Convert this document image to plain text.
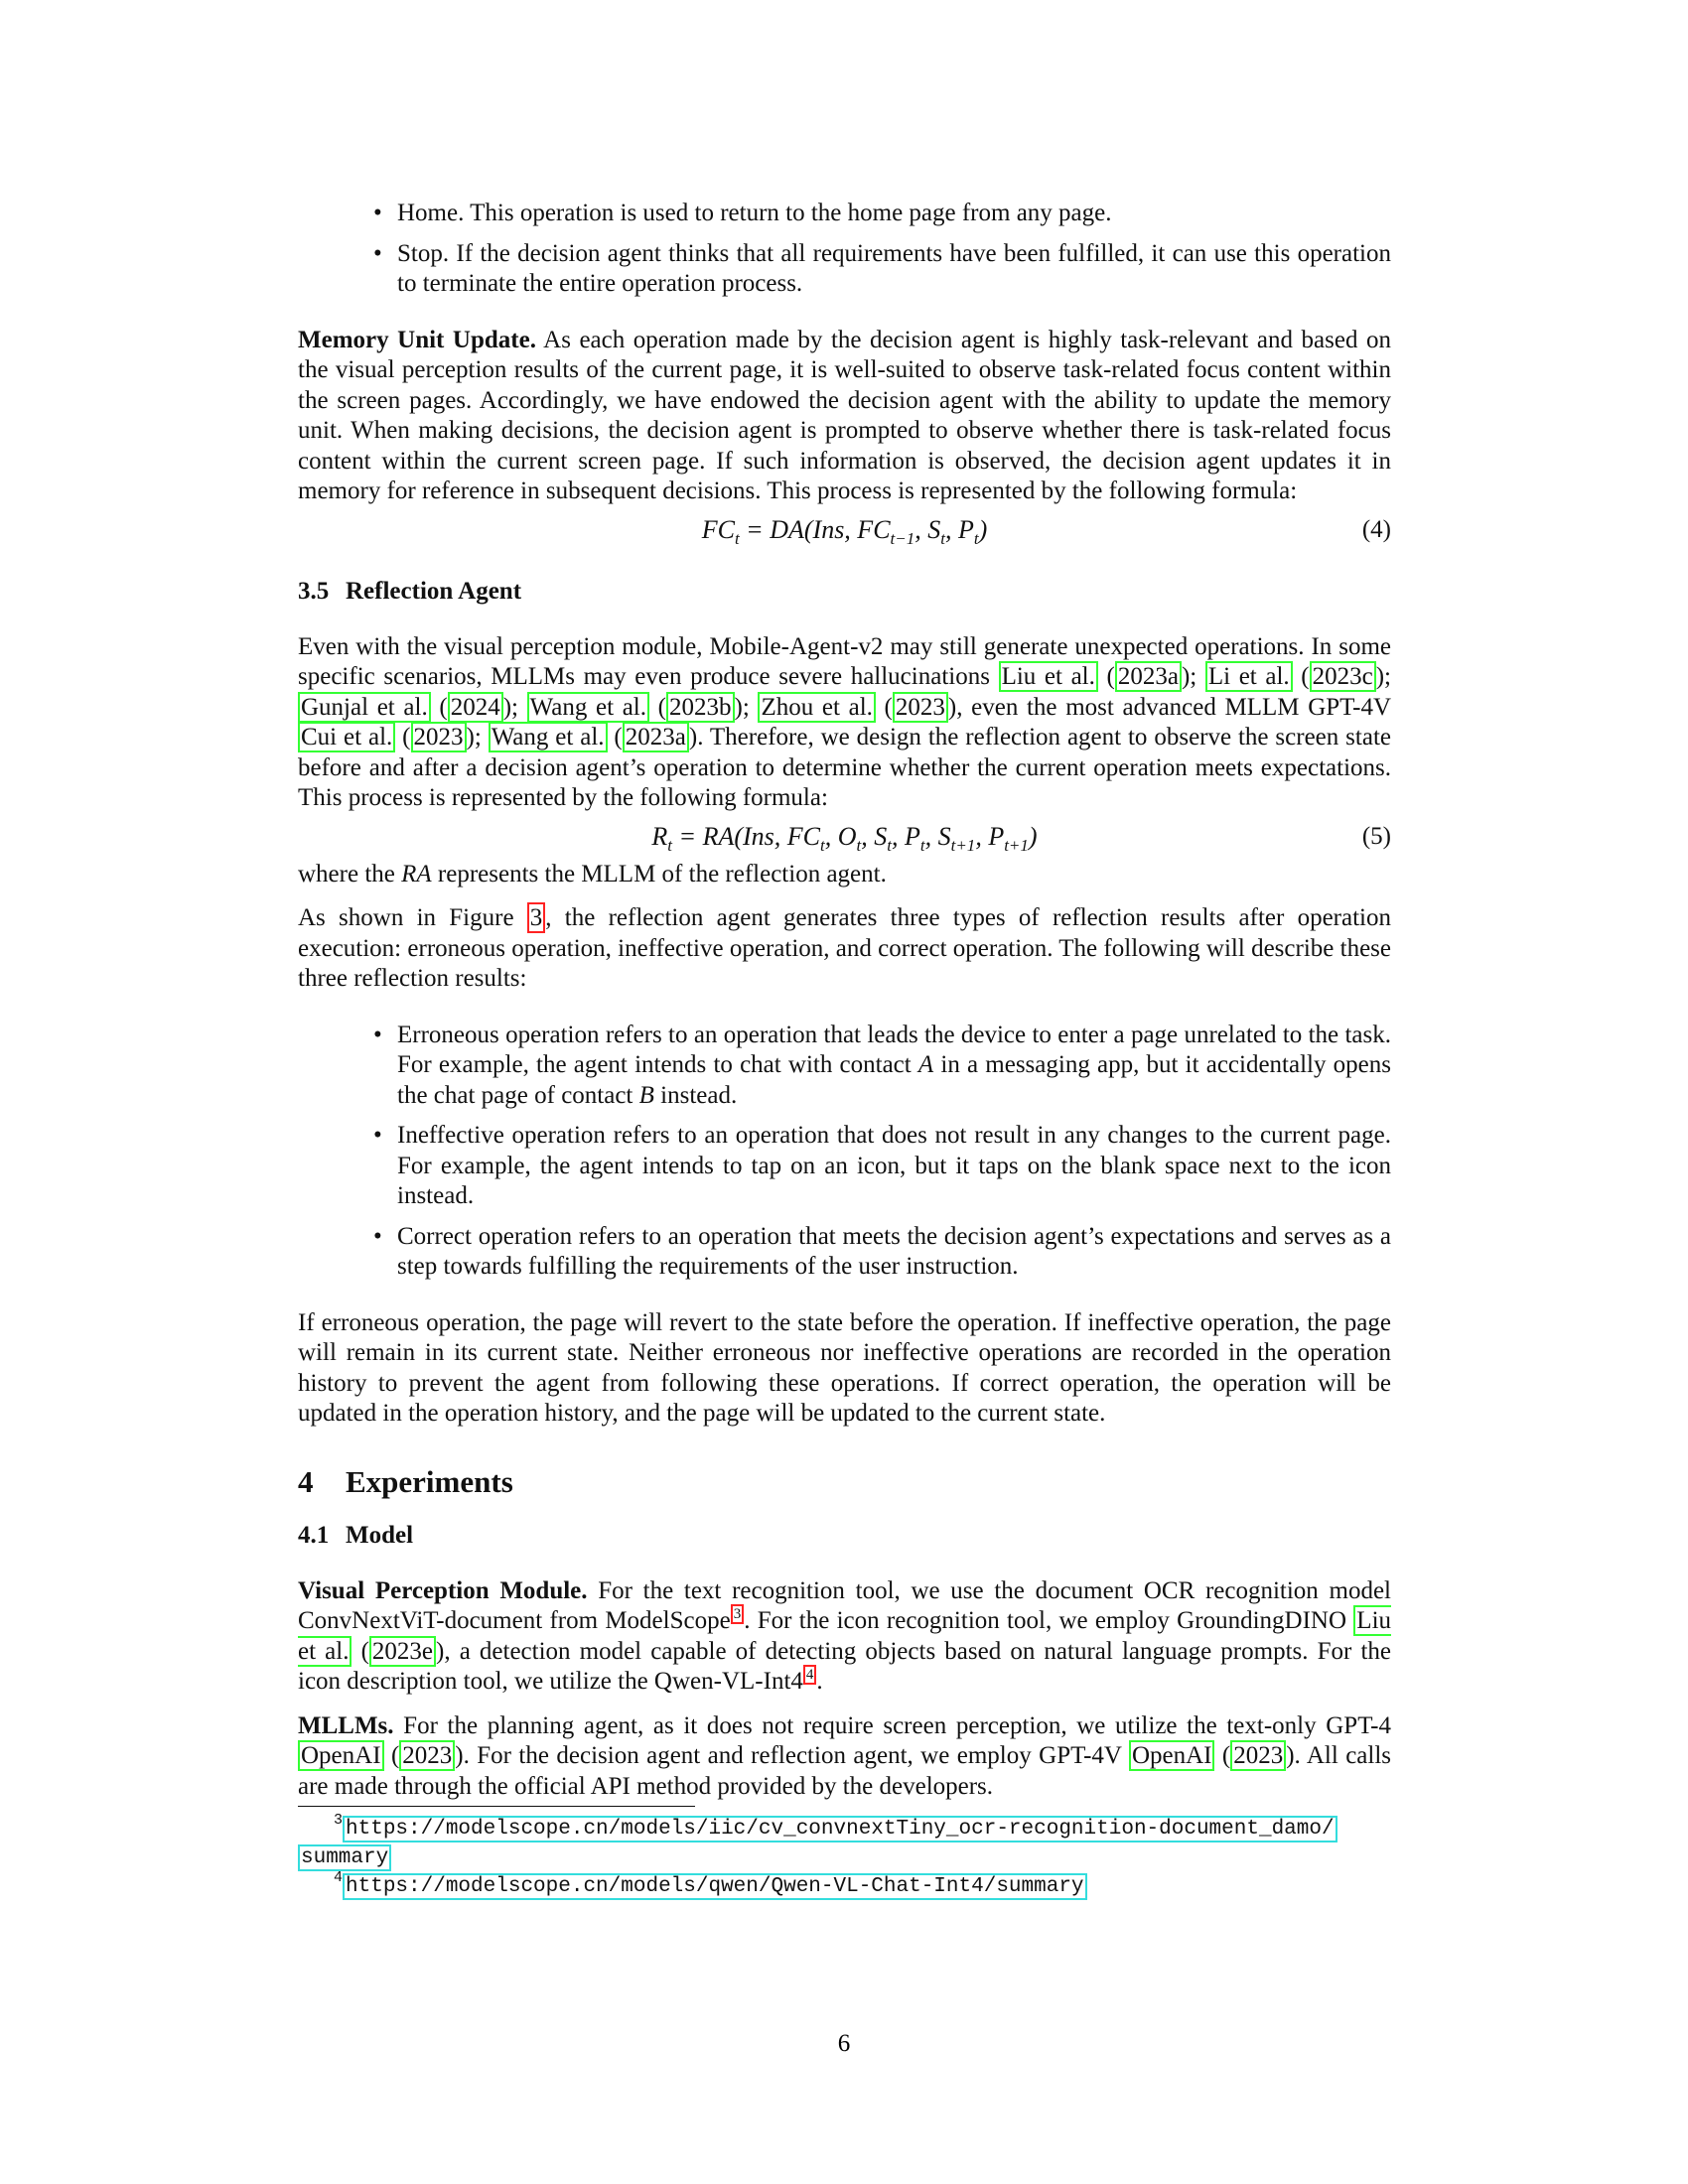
• Home. This operation is used to return to the home page from any page.
• Stop. If the decision agent thinks that all requirements have been fulfilled, it can use this operation to terminate the entire operation process.

Memory Unit Update. As each operation made by the decision agent is highly task-relevant and based on the visual perception results of the current page, it is well-suited to observe task-related focus content within the screen pages. Accordingly, we have endowed the decision agent with the ability to update the memory unit. When making decisions, the decision agent is prompted to observe whether there is task-related focus content within the current screen page. If such information is observed, the decision agent updates it in memory for reference in subsequent decisions. This process is represented by the following formula:

$FC_t = DA(Ins$, $FC_{t-1}$, $S_t$, $P_t$)	(4)
3.5 Reflection Agent

Even with the visual perception module, Mobile-Agent-v2 may still generate unexpected operations. In some specific scenarios, MLLMs may even produce severe hallucinations Liu et al. ( 2023a ); Li et al. ( 2023c ); Gunjal et al. ( 2024 ); Wang et al. ( 2023b ); Zhou et al. ( 2023 ), even the most advanced MLLM GPT-4V Cui et al. ( 2023 ); Wang et al. ( 2023a ). Therefore, we design the reflection agent to observe the screen state before and after a decision agent’s operation to determine whether the current operation meets expectations. This process is represented by the following formula:

$R_t = RA(Ins$, $FC_t$, $O_t$, $S_t$, $P_t$, $S_{t+1}$, $P_{t+1}$)	(5)

where the RA represents the MLLM of the reflection agent.

As shown in Figure 3 , the reflection agent generates three types of reflection results after operation execution: erroneous operation, ineffective operation, and correct operation. The following will describe these three reflection results:

• Erroneous operation refers to an operation that leads the device to enter a page unrelated to the task. For example, the agent intends to chat with contact A in a messaging app, but it accidentally opens the chat page of contact B instead.
• Ineffective operation refers to an operation that does not result in any changes to the current page. For example, the agent intends to tap on an icon, but it taps on the blank space next to the icon instead.
• Correct operation refers to an operation that meets the decision agent’s expectations and serves as a step towards fulfilling the requirements of the user instruction.

If erroneous operation, the page will revert to the state before the operation. If ineffective operation, the page will remain in its current state. Neither erroneous nor ineffective operations are recorded in the operation history to prevent the agent from following these operations. If correct operation, the operation will be updated in the operation history, and the page will be updated to the current state.

4 Experiments
4.1 Model

Visual Perception Module. For the text recognition tool, we use the document OCR recognition model ConvNextViT-document from ModelScope $^3$ . For the icon recognition tool, we employ GroundingDINO Liu et al. ( 2023e ), a detection model capable of detecting objects based on natural language prompts. For the icon description tool, we utilize the Qwen-VL-Int4 $^4$ .

MLLMs. For the planning agent, as it does not require screen perception, we utilize the text-only GPT-4 OpenAI ( 2023 ). For the decision agent and reflection agent, we employ GPT-4V OpenAI ( 2023 ). All calls are made through the official API method provided by the developers.

$^3$ https://modelscope.cn/models/iic/cv_convnextTiny_ocr-recognition-document_damo/
summary
$^4$ https://modelscope.cn/models/qwen/Qwen-VL-Chat-Int4/summary
6
